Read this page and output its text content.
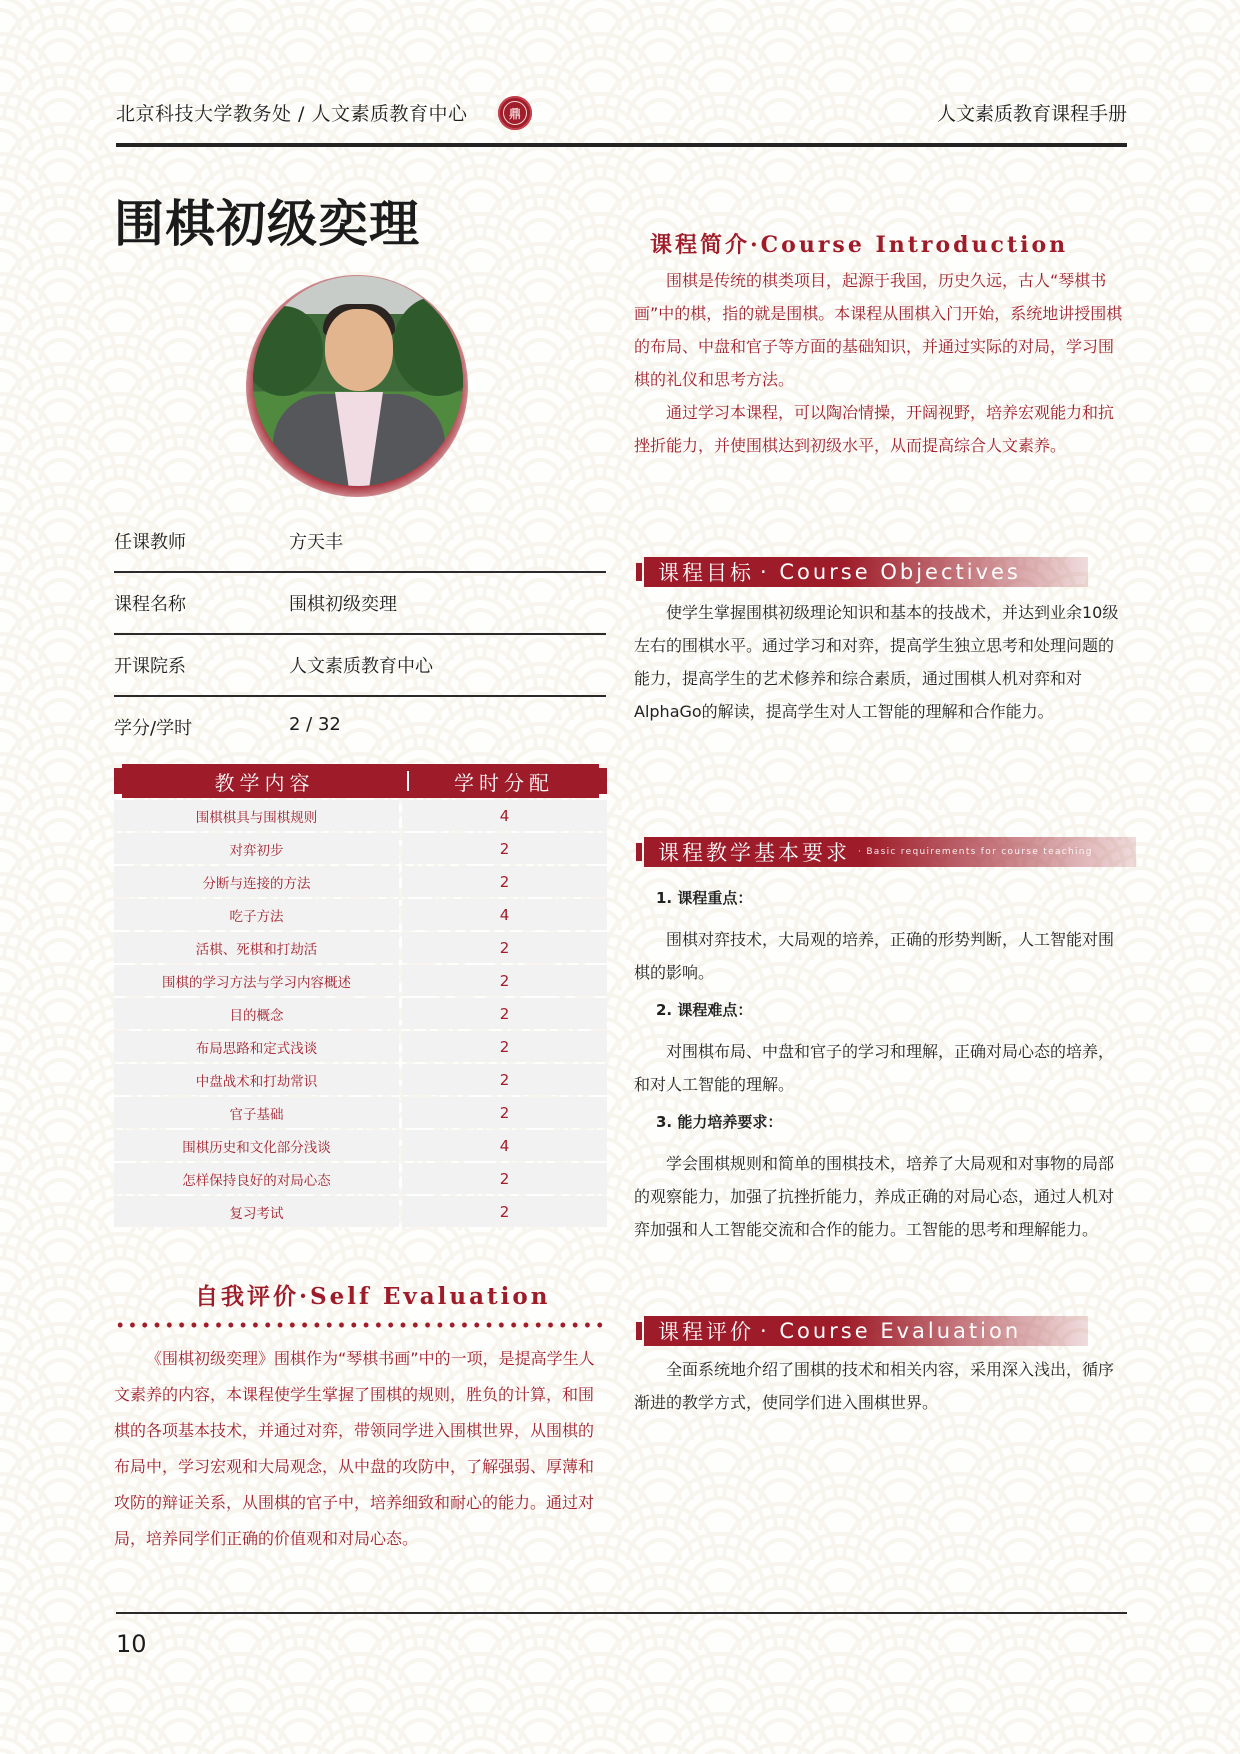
北京科技大学教务处 / 人文素质教育中心	鼎	人文素质教育课程手册
围棋初级奕理
任课教师	方天丰
课程名称	围棋初级奕理
开课院系	人文素质教育中心
学分/学时	2 / 32
教学内容	学时分配
围棋棋具与围棋规则	4
对弈初步	2
分断与连接的方法	2
吃子方法	4
活棋、死棋和打劫活	2
围棋的学习方法与学习内容概述	2
目的概念	2
布局思路和定式浅谈	2
中盘战术和打劫常识	2
官子基础	2
围棋历史和文化部分浅谈	4
怎样保持良好的对局心态	2
复习考试	2
自我评价·Self Evaluation

《围棋初级奕理》围棋作为“琴棋书画”中的一项，是提高学生人文素养的内容，本课程使学生掌握了围棋的规则，胜负的计算，和围棋的各项基本技术，并通过对弈，带领同学进入围棋世界，从围棋的布局中，学习宏观和大局观念，从中盘的攻防中，了解强弱、厚薄和攻防的辩证关系，从围棋的官子中，培养细致和耐心的能力。通过对局，培养同学们正确的价值观和对局心态。

课程简介·Course Introduction

围棋是传统的棋类项目，起源于我国，历史久远，古人“琴棋书画”中的棋，指的就是围棋。本课程从围棋入门开始，系统地讲授围棋的布局、中盘和官子等方面的基础知识，并通过实际的对局，学习围棋的礼仪和思考方法。

通过学习本课程，可以陶冶情操，开阔视野，培养宏观能力和抗挫折能力，并使围棋达到初级水平，从而提高综合人文素养。

课程目标 · Course Objectives

使学生掌握围棋初级理论知识和基本的技战术，并达到业余10级左右的围棋水平。通过学习和对弈，提高学生独立思考和处理问题的能力，提高学生的艺术修养和综合素质，通过围棋人机对弈和对AlphaGo的解读，提高学生对人工智能的理解和合作能力。

课程教学基本要求 · Basic requirements for course teaching

1. 课程重点：

围棋对弈技术，大局观的培养，正确的形势判断，人工智能对围棋的影响。

2. 课程难点：

对围棋布局、中盘和官子的学习和理解，正确对局心态的培养，和对人工智能的理解。

3. 能力培养要求：

学会围棋规则和简单的围棋技术，培养了大局观和对事物的局部的观察能力，加强了抗挫折能力，养成正确的对局心态，通过人机对弈加强和人工智能交流和合作的能力。工智能的思考和理解能力。

课程评价 · Course Evaluation

全面系统地介绍了围棋的技术和相关内容，采用深入浅出，循序渐进的教学方式，使同学们进入围棋世界。

10
